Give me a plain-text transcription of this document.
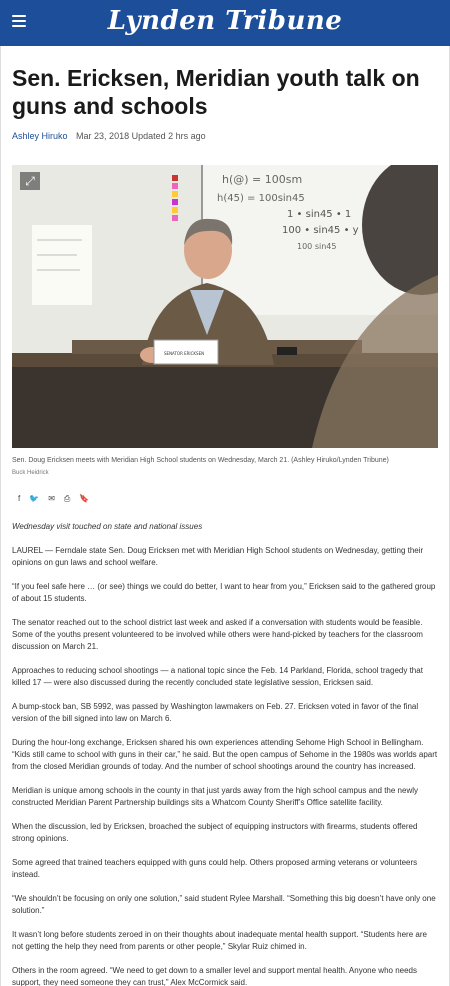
Lynden Tribune
Sen. Ericksen, Meridian youth talk on guns and schools
Ashley Hiruko Mar 23, 2018 Updated 2 hrs ago
h(@) = 100sm
h(45) = 100sin45
1 • sin45 • 1
100 • sin45 • y
100 sin45
SENATOR ERICKSEN
⤢

Sen. Doug Ericksen meets with Meridian High School students on Wednesday, March 21. (Ashley Hiruko/Lynden Tribune)

Buck Heidrick

f 🐦 ✉ ⎙ 🔖

Wednesday visit touched on state and national issues

LAUREL — Ferndale state Sen. Doug Ericksen met with Meridian High School students on Wednesday, getting their opinions on gun laws and school welfare.

“If you feel safe here … (or see) things we could do better, I want to hear from you,” Ericksen said to the gathered group of about 15 students.

The senator reached out to the school district last week and asked if a conversation with students would be feasible. Some of the youths present volunteered to be involved while others were hand-picked by teachers for the classroom discussion on March 21.

Approaches to reducing school shootings — a national topic since the Feb. 14 Parkland, Florida, school tragedy that killed 17 — were also discussed during the recently concluded state legislative session, Ericksen said.

A bump-stock ban, SB 5992, was passed by Washington lawmakers on Feb. 27. Ericksen voted in favor of the final version of the bill signed into law on March 6.

During the hour-long exchange, Ericksen shared his own experiences attending Sehome High School in Bellingham. “Kids still came to school with guns in their car,” he said. But the open campus of Sehome in the 1980s was worlds apart from the closed Meridian grounds of today. And the number of school shootings around the country has increased.

Meridian is unique among schools in the county in that just yards away from the high school campus and the newly constructed Meridian Parent Partnership buildings sits a Whatcom County Sheriff’s Office satellite facility.

When the discussion, led by Ericksen, broached the subject of equipping instructors with firearms, students offered strong opinions.

Some agreed that trained teachers equipped with guns could help. Others proposed arming veterans or volunteers instead.

“We shouldn’t be focusing on only one solution,” said student Rylee Marshall. “Something this big doesn’t have only one solution.”

It wasn’t long before students zeroed in on their thoughts about inadequate mental health support. “Students here are not getting the help they need from parents or other people,” Skylar Ruiz chimed in.

Others in the room agreed. “We need to get down to a smaller level and support mental health. Anyone who needs support, they need someone they can trust,” Alex McCormick said.
